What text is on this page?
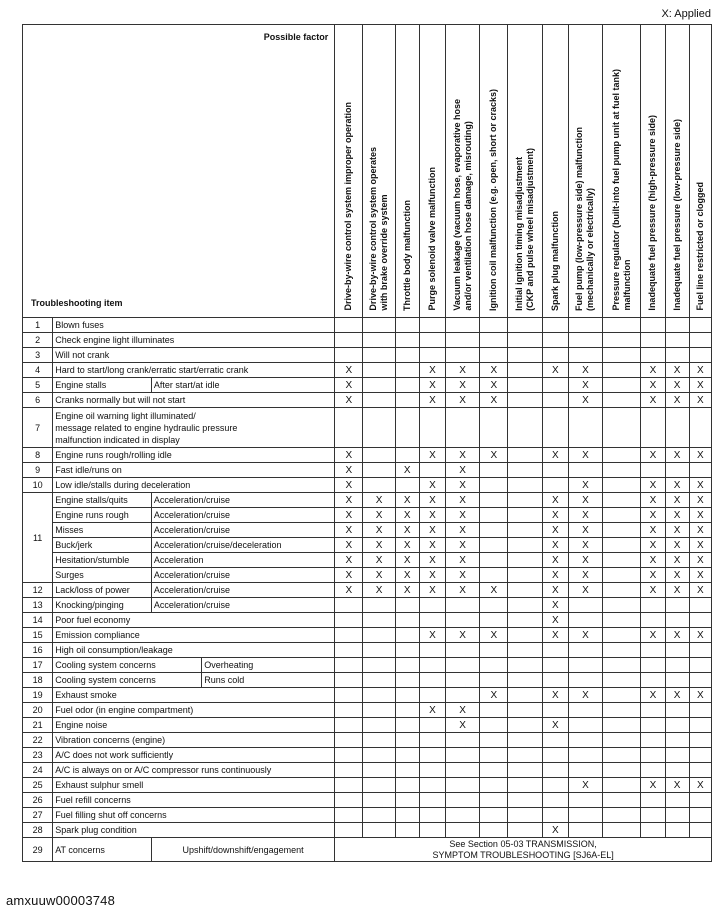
X: Applied
Possible factor
Troubleshooting item				Drive-by-wire control system improper operation	Drive-by-wire control system operates
with brake override system	Throttle body malfunction	Purge solenoid valve malfunction	Vacuum leakage (vacuum hose, evaporative hose
and/or ventilation hose damage, misrouting)	Ignition coil malfunction (e.g. open, short or cracks)	Initial ignition timing misadjustment
(CKP and pulse wheel misadjustment)	Spark plug malfunction	Fuel pump (low-pressure side) malfunction
(mechanically or electrically)	Pressure regulator (built-into fuel pump unit at fuel tank)
malfunction	Inadequate fuel pressure (high-pressure side)	Inadequate fuel pressure (low-pressure side)	Fuel line restricted or clogged

1	Blown fuses															
2	Check engine light illuminates															
3	Will not crank															
4	Hard to start/long crank/erratic start/erratic crank			X			X	X	X		X	X		X	X	X
5	Engine stalls	After start/at idle		X			X	X	X			X		X	X	X
6	Cranks normally but will not start			X			X	X	X			X		X	X	X
7	Engine oil warning light illuminated/
message related to engine hydraulic pressure
malfunction indicated in display															
8	Engine runs rough/rolling idle			X			X	X	X		X	X		X	X	X
9	Fast idle/runs on			X		X		X								
10	Low idle/stalls during deceleration			X			X	X				X		X	X	X
11	Engine stalls/quits	Acceleration/cruise		X	X	X	X	X			X	X		X	X	X
	Engine runs rough	Acceleration/cruise		X	X	X	X	X			X	X		X	X	X
	Misses	Acceleration/cruise		X	X	X	X	X			X	X		X	X	X
	Buck/jerk	Acceleration/cruise/deceleration		X	X	X	X	X			X	X		X	X	X
	Hesitation/stumble	Acceleration		X	X	X	X	X			X	X		X	X	X
	Surges	Acceleration/cruise		X	X	X	X	X			X	X		X	X	X
12	Lack/loss of power	Acceleration/cruise		X	X	X	X	X	X		X	X		X	X	X
13	Knocking/pinging	Acceleration/cruise									X					
14	Poor fuel economy										X					
15	Emission compliance						X	X	X		X	X		X	X	X
16	High oil consumption/leakage															
17	Cooling system concerns		Overheating													
18	Cooling system concerns		Runs cold													
19	Exhaust smoke								X		X	X		X	X	X
20	Fuel odor (in engine compartment)						X	X								
21	Engine noise							X			X					
22	Vibration concerns (engine)															
23	A/C does not work sufficiently															
24	A/C is always on or A/C compressor runs continuously															
25	Exhaust sulphur smell											X		X	X	X
26	Fuel refill concerns															
27	Fuel filling shut off concerns															
28	Spark plug condition										X					
29	AT concerns	Upshift/downshift/engagement		See Section 05-03 TRANSMISSION,
SYMPTOM TROUBLESHOOTING [SJ6A-EL]												
amxuuw00003748
